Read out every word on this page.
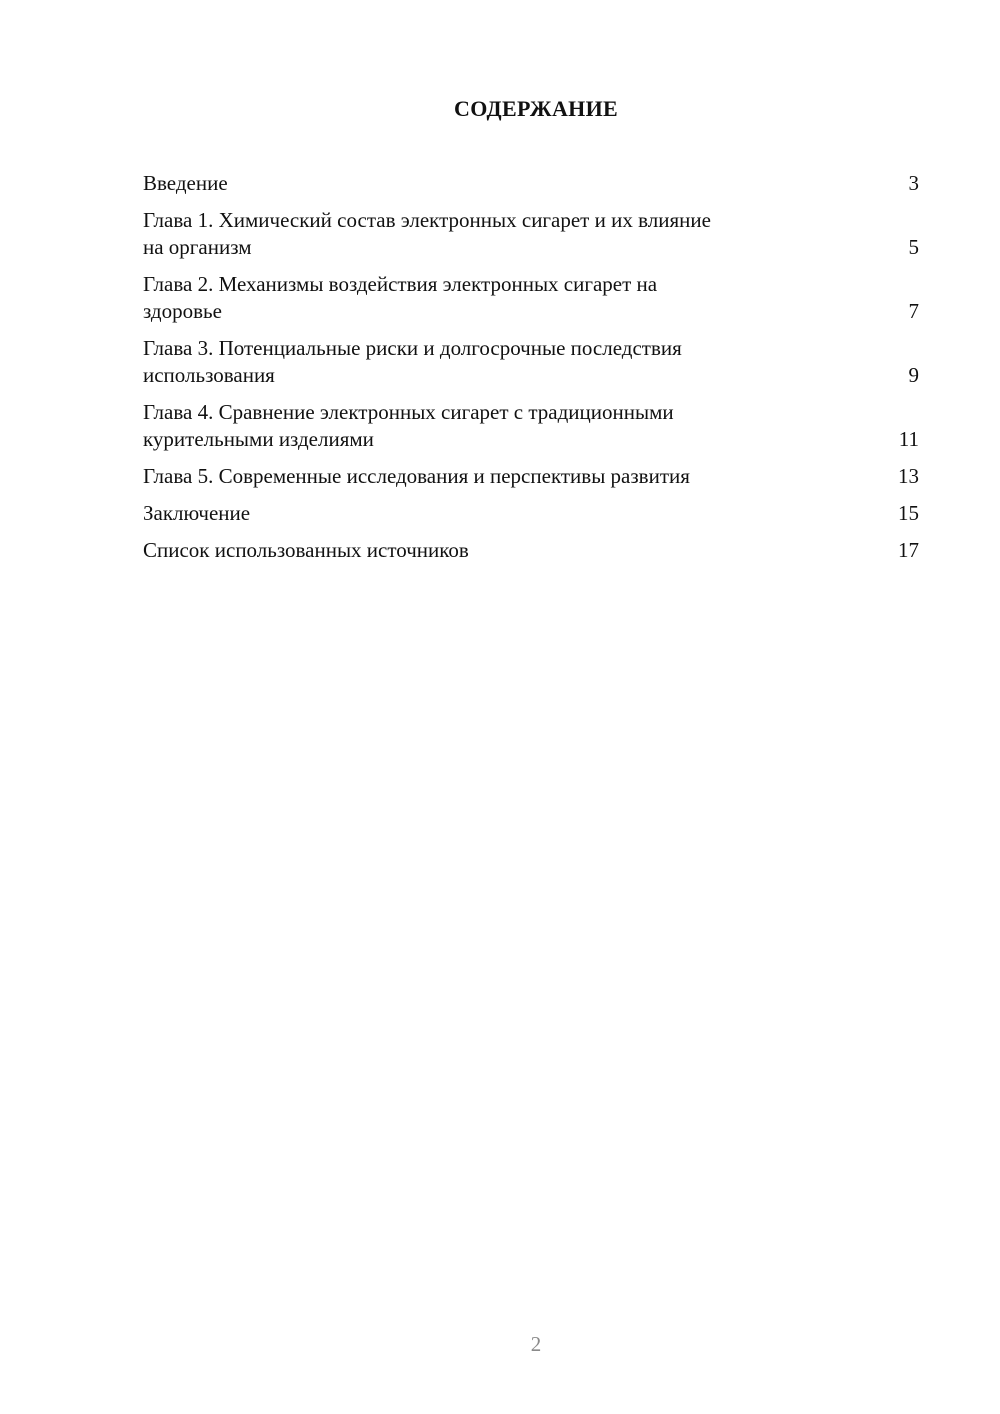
СОДЕРЖАНИЕ
Введение	3
Глава 1. Химический состав электронных сигарет и их влияние
на организм	5
Глава 2. Механизмы воздействия электронных сигарет на
здоровье	7
Глава 3. Потенциальные риски и долгосрочные последствия
использования	9
Глава 4. Сравнение электронных сигарет с традиционными
курительными изделиями	11
Глава 5. Современные исследования и перспективы развития	13
Заключение	15
Список использованных источников	17
2
